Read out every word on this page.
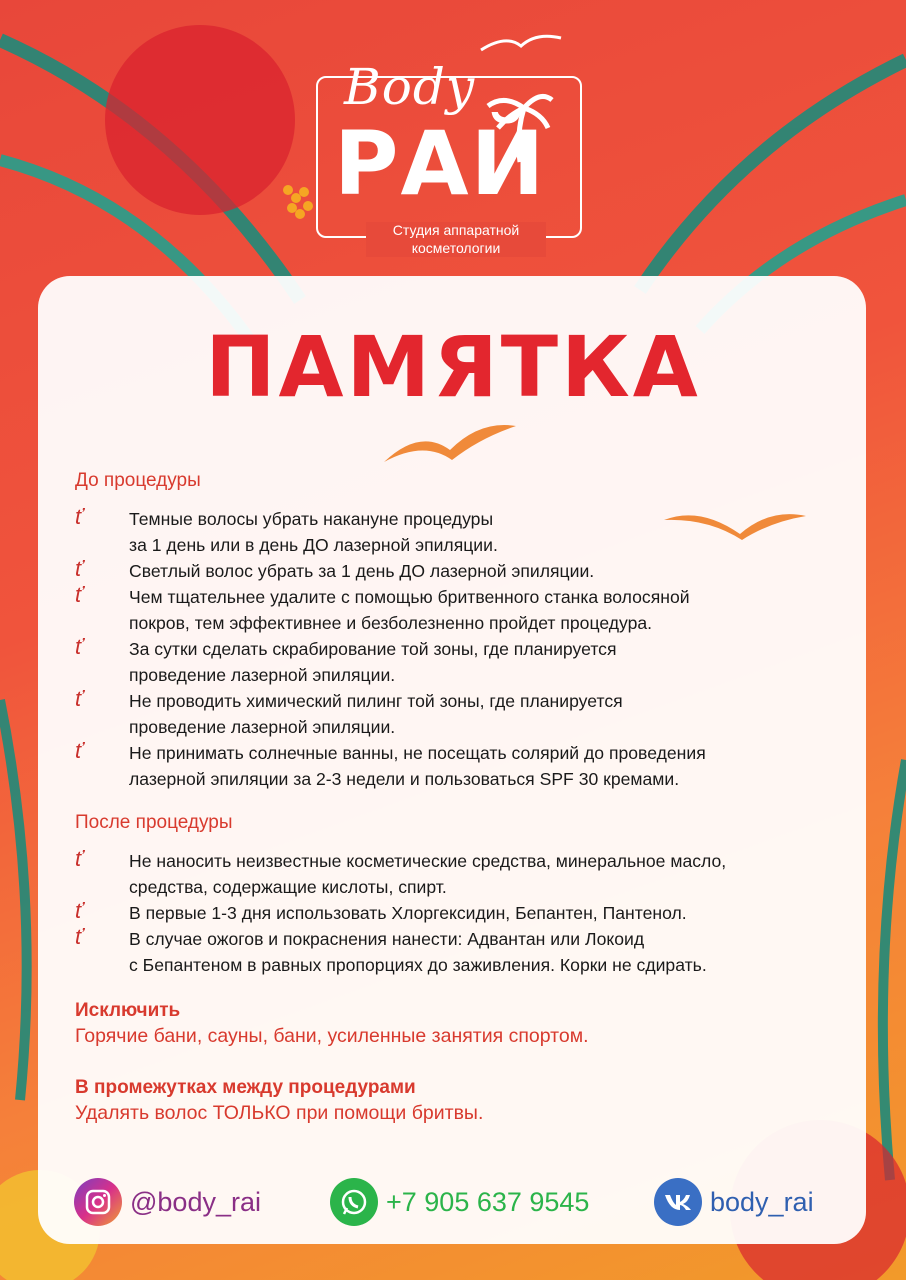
Body
РАЙ
Студия аппаратной
косметологии
ПАМЯТКА
До процедуры
ť	Темные волосы убрать накануне процедуры
за 1 день или в день ДО лазерной эпиляции.
ť	Светлый волос убрать за 1 день ДО лазерной эпиляции.
ť	Чем тщательнее удалите с помощью бритвенного станка волосяной
покров, тем эффективнее и безболезненно пройдет процедура.
ť	За сутки сделать скрабирование той зоны, где планируется
проведение лазерной эпиляции.
ť	Не проводить химический пилинг той зоны, где планируется
проведение лазерной эпиляции.
ť	Не принимать солнечные ванны, не посещать солярий до проведения
лазерной эпиляции за 2-3 недели и пользоваться SPF 30 кремами.
После процедуры
ť	Не наносить неизвестные косметические средства, минеральное масло,
средства, содержащие кислоты, спирт.
ť	В первые 1-3 дня использовать Хлоргексидин, Бепантен, Пантенол.
ť	В случае ожогов и покраснения нанести: Адвантан или Локоид
с Бепантеном в равных пропорциях до заживления. Корки не сдирать.
Исключить
Горячие бани, сауны, бани, усиленные занятия спортом.
В промежутках между процедурами
Удалять волос ТОЛЬКО при помощи бритвы.
@body_rai	+7 905 637 9545	body_rai
